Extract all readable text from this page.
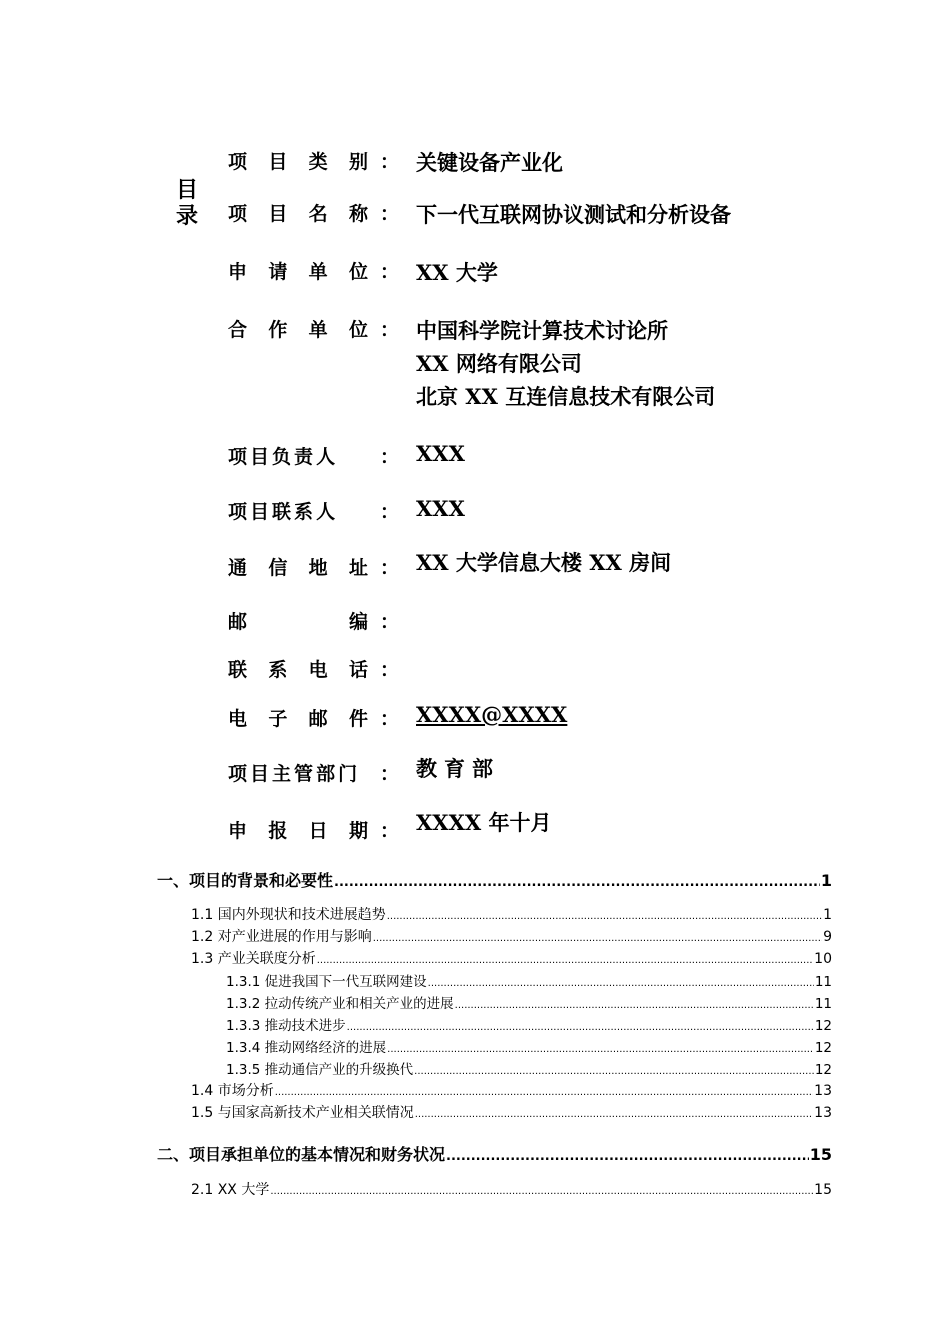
目
录
项 目 类 别 ： 关键设备产业化
项 目 名 称 ： 下一代互联网协议测试和分析设备
申 请 单 位 ： XX 大学
合 作 单 位 ： 中国科学院计算技术讨论所
XX 网络有限公司
北京 XX 互连信息技术有限公司
项 目 负 责 人 ： XXX
项 目 联 系 人 ： XXX
通 信 地 址 ： XX 大学信息大楼 XX 房间
邮	编 ：
联 系 电 话 ：
电 子 邮 件 ： XXXX@XXXX
项 目 主 管 部 门 ： 教育部
申 报 日 期 ： XXXX 年十月
一、项目的背景和必要性 .....	1
1.1 国内外现状和技术进展趋势 .....	1
1.2 对产业进展的作用与影响 .....	9
1.3 产业关联度分析 .....	10
1.3.1 促进我国下一代互联网建设 .....	11
1.3.2 拉动传统产业和相关产业的进展 .....	11
1.3.3 推动技术进步 .....	12
1.3.4 推动网络经济的进展 .....	12
1.3.5 推动通信产业的升级换代 .....	12
1.4 市场分析 .....	13
1.5 与国家高新技术产业相关联情况 .....	13
二、项目承担单位的基本情况和财务状况 .....	15
2.1 XX 大学 .....	15
